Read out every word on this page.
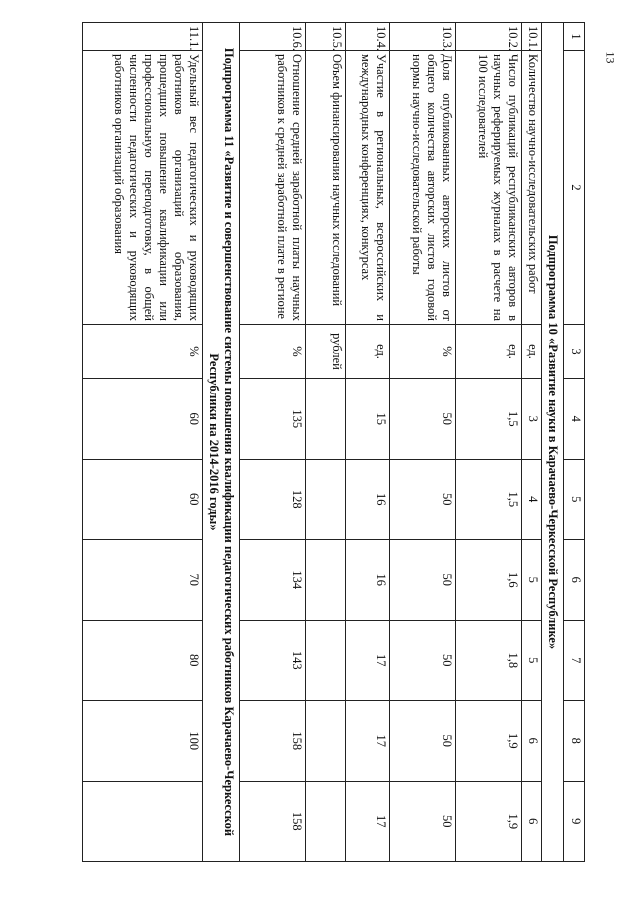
13
1	2	3	4	5	6	7	8	9
Подпрограмма 10 «Развитие науки в Карачаево-Черкесской Республике»								
10.1.	Количество научно-исследовательских работ	ед.	3	4	5	5	6	6
10.2.	Число публикаций республиканских авторов в научных реферируемых журналах в расчете на 100 исследователей	ед.	1,5	1,5	1,6	1,8	1,9	1,9
10.3.	Доля опубликованных авторских листов от общего количества авторских листов годовой нормы научно-исследовательской работы	%	50	50	50	50	50	50
10.4.	Участие в региональных, всероссийских и международных конференциях, конкурсах	ед.	15	16	16	17	17	17
10.5.	Объем финансирования научных исследований	рублей						
10.6.	Отношение средней заработной платы научных работников к средней заработной плате в регионе	%	135	128	134	143	158	158
Подпрограмма 11 «Развитие и совершенствование системы повышения квалификации педагогических работников Карачаево-Черкесской Республики на 2014-2016 годы»								
11.1.	Удельный вес педагогических и руководящих работников организаций образования, прошедших повышение квалификации или профессиональную переподготовку, в общей численности педагогических и руководящих работников организаций образования	%	60	60	70	80	100	
